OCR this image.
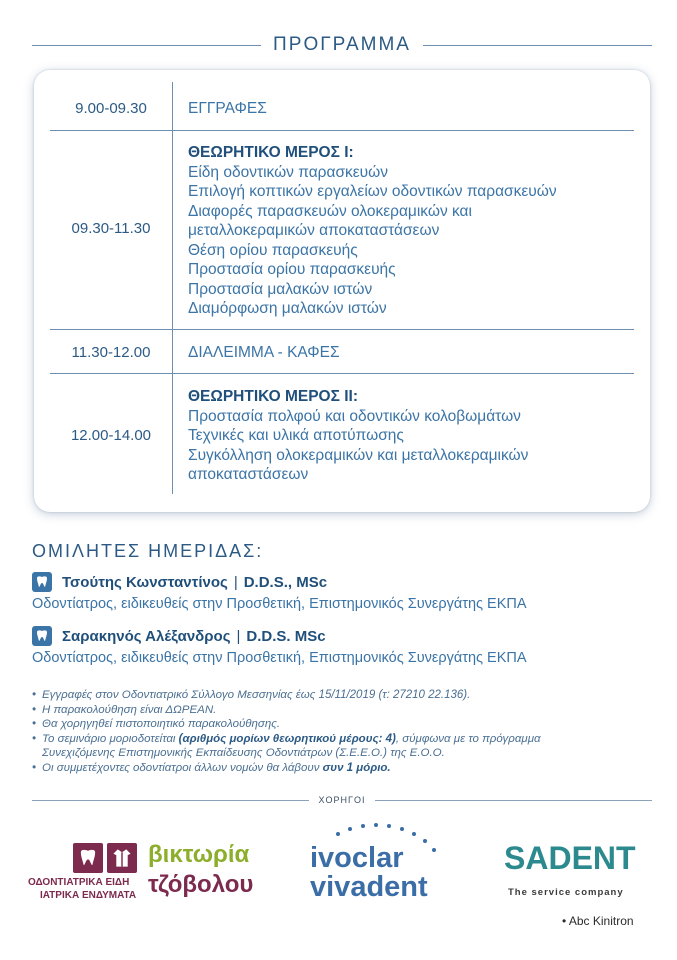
ΠΡΟΓΡΑΜΜΑ
9.00-09.30	ΕΓΓΡΑΦΕΣ
09.30-11.30
ΘΕΩΡΗΤΙΚΟ ΜΕΡΟΣ Ι:
Είδη οδοντικών παρασκευών
Επιλογή κοπτικών εργαλείων οδοντικών παρασκευών
Διαφορές παρασκευών ολοκεραμικών και
μεταλλοκεραμικών αποκαταστάσεων
Θέση ορίου παρασκευής
Προστασία ορίου παρασκευής
Προστασία μαλακών ιστών
Διαμόρφωση μαλακών ιστών
11.30-12.00	ΔΙΑΛΕΙΜΜΑ - ΚΑΦΕΣ
12.00-14.00
ΘΕΩΡΗΤΙΚΟ ΜΕΡΟΣ ΙΙ:
Προστασία πολφού και οδοντικών κολοβωμάτων
Τεχνικές και υλικά αποτύπωσης
Συγκόλληση ολοκεραμικών και μεταλλοκεραμικών
αποκαταστάσεων
ΟΜΙΛΗΤΕΣ ΗΜΕΡΙΔΑΣ:
Τσούτης Κωνσταντίνος | D.D.S., MSc
Οδοντίατρος, ειδικευθείς στην Προσθετική, Επιστημονικός Συνεργάτης ΕΚΠΑ
Σαρακηνός Αλέξανδρος | D.D.S. MSc
Οδοντίατρος, ειδικευθείς στην Προσθετική, Επιστημονικός Συνεργάτης ΕΚΠΑ
• Εγγραφές στον Οδοντιατρικό Σύλλογο Μεσσηνίας έως 15/11/2019 (τ: 27210 22.136).
• Η παρακολούθηση είναι ΔΩΡΕΑΝ.
• Θα χορηγηθεί πιστοποιητικό παρακολούθησης.
• Το σεμινάριο μοριοδοτείται (αριθμός μορίων θεωρητικού μέρους: 4), σύμφωνα με το πρόγραμμα
Συνεχιζόμενης Επιστημονικής Εκπαίδευσης Οδοντιάτρων (Σ.Ε.Ε.Ο.) της Ε.Ο.Ο.
• Οι συμμετέχοντες οδοντίατροι άλλων νομών θα λάβουν συν 1 μόριο.
ΧΟΡΗΓΟΙ
βικτωρία
τζόβολου
ΟΔΟΝΤΙΑΤΡΙΚΑ ΕΙΔΗ
ΙΑΤΡΙΚΑ ΕΝΔΥΜΑΤΑ
ivoclar
vivadent
SADENT
The service company
• Abc Kinitron
